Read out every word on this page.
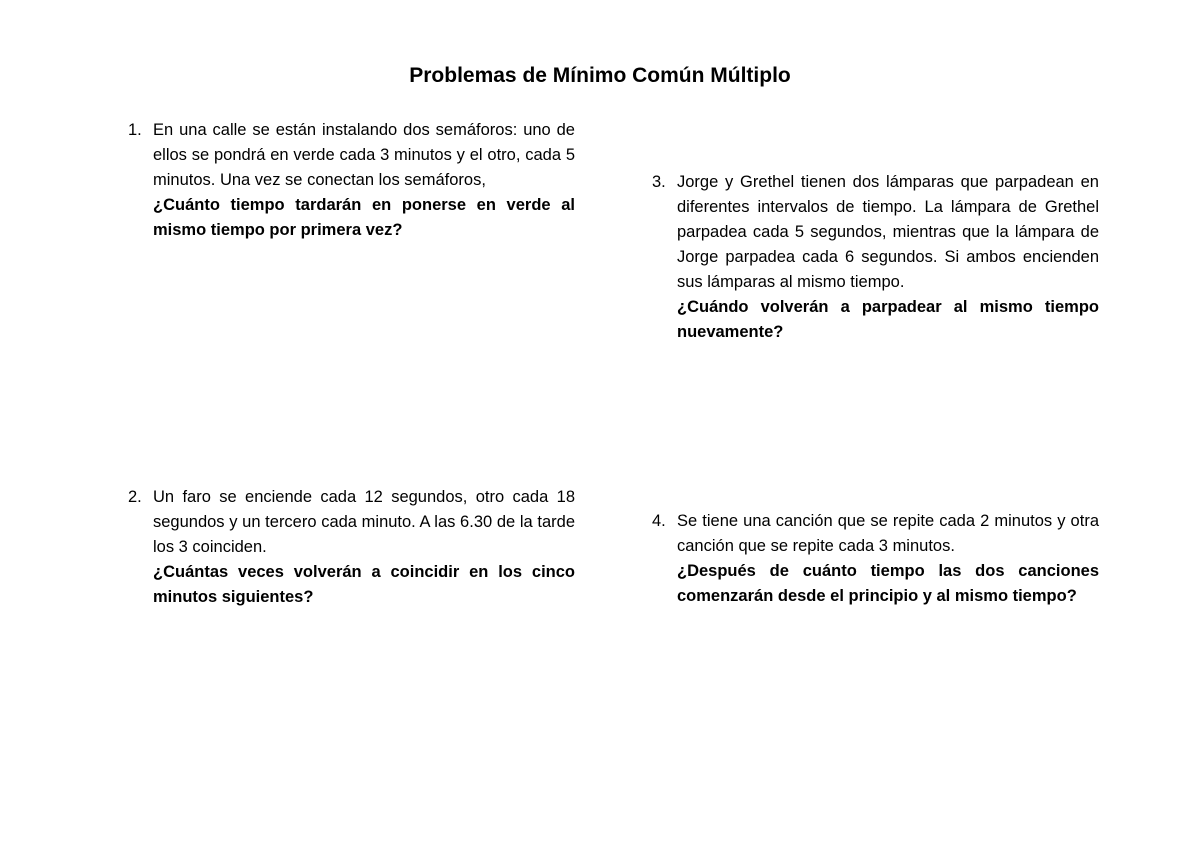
Problemas de Mínimo Común Múltiplo
1. En una calle se están instalando dos semáforos: uno de ellos se pondrá en verde cada 3 minutos y el otro, cada 5 minutos. Una vez se conectan los semáforos,

¿Cuánto tiempo tardarán en ponerse en verde al mismo tiempo por primera vez?

2. Un faro se enciende cada 12 segundos, otro cada 18 segundos y un tercero cada minuto. A las 6.30 de la tarde los 3 coinciden.

¿Cuántas veces volverán a coincidir en los cinco minutos siguientes?

3. Jorge y Grethel tienen dos lámparas que parpadean en diferentes intervalos de tiempo. La lámpara de Grethel parpadea cada 5 segundos, mientras que la lámpara de Jorge parpadea cada 6 segundos. Si ambos encienden sus lámparas al mismo tiempo.

¿Cuándo volverán a parpadear al mismo tiempo nuevamente?

4. Se tiene una canción que se repite cada 2 minutos y otra canción que se repite cada 3 minutos.

¿Después de cuánto tiempo las dos canciones comenzarán desde el principio y al mismo tiempo?
